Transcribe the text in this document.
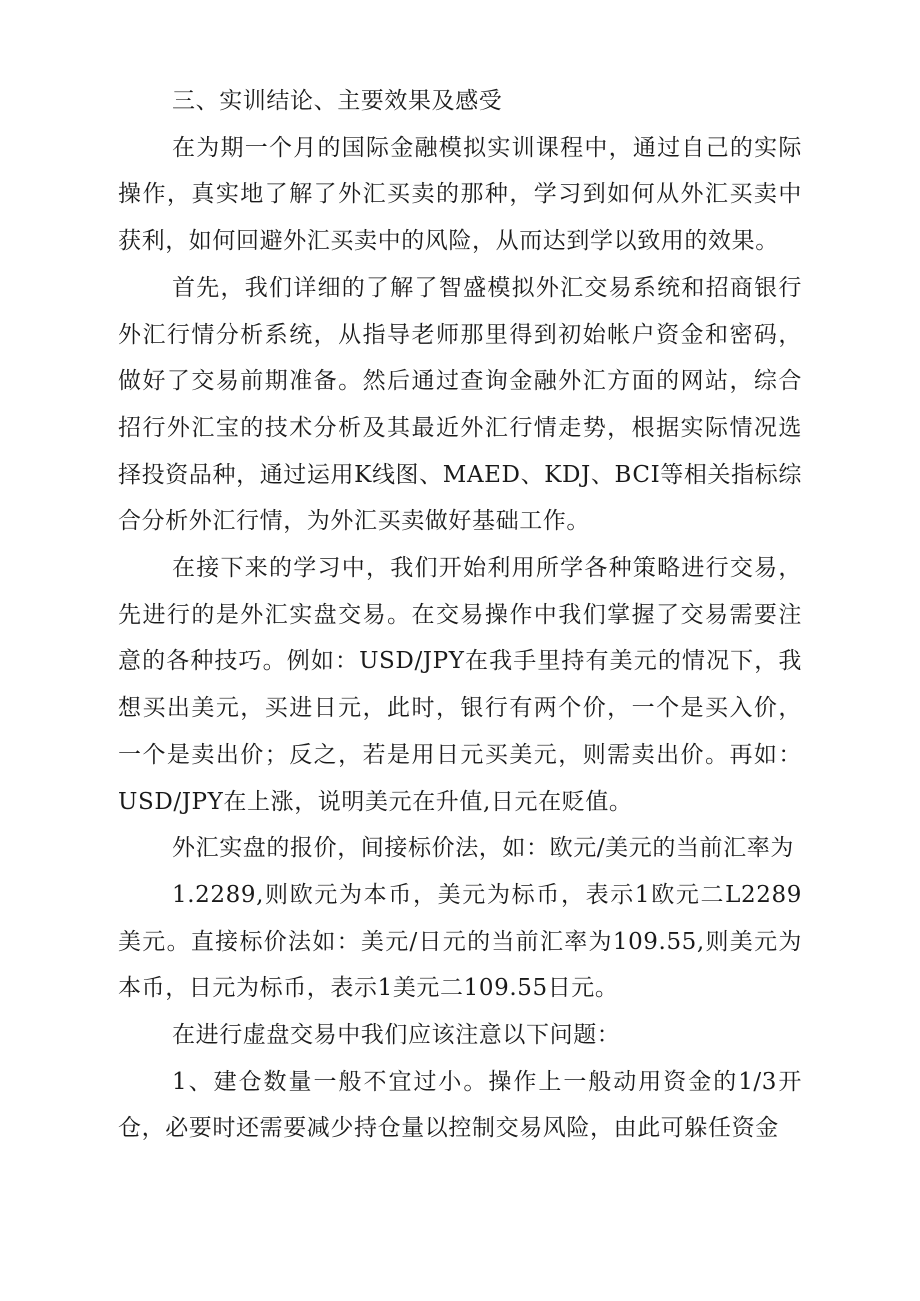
三、实训结论、主要效果及感受

在为期一个月的国际金融模拟实训课程中，通过自己的实际操作，真实地了解了外汇买卖的那种，学习到如何从外汇买卖中获利，如何回避外汇买卖中的风险，从而达到学以致用的效果。

首先，我们详细的了解了智盛模拟外汇交易系统和招商银行外汇行情分析系统，从指导老师那里得到初始帐户资金和密码，做好了交易前期准备。然后通过查询金融外汇方面的网站，综合招行外汇宝的技术分析及其最近外汇行情走势，根据实际情况选择投资品种，通过运用K线图、MAED、KDJ、BCI等相关指标综合分析外汇行情，为外汇买卖做好基础工作。

在接下来的学习中，我们开始利用所学各种策略进行交易，先进行的是外汇实盘交易。在交易操作中我们掌握了交易需要注意的各种技巧。例如：USD/JPY在我手里持有美元的情况下，我想买出美元，买进日元，此时，银行有两个价，一个是买入价，一个是卖出价；反之，若是用日元买美元，则需卖出价。再如：USD/JPY在上涨，说明美元在升值,日元在贬值。

外汇实盘的报价，间接标价法，如：欧元/美元的当前汇率为

1.2289,则欧元为本币，美元为标币，表示1欧元二L2289美元。直接标价法如：美元/日元的当前汇率为109.55,则美元为本币，日元为标币，表示1美元二109.55日元。

在进行虚盘交易中我们应该注意以下问题：

1、建仓数量一般不宜过小。操作上一般动用资金的1/3开仓，必要时还需要减少持仓量以控制交易风险，由此可躲任资金
